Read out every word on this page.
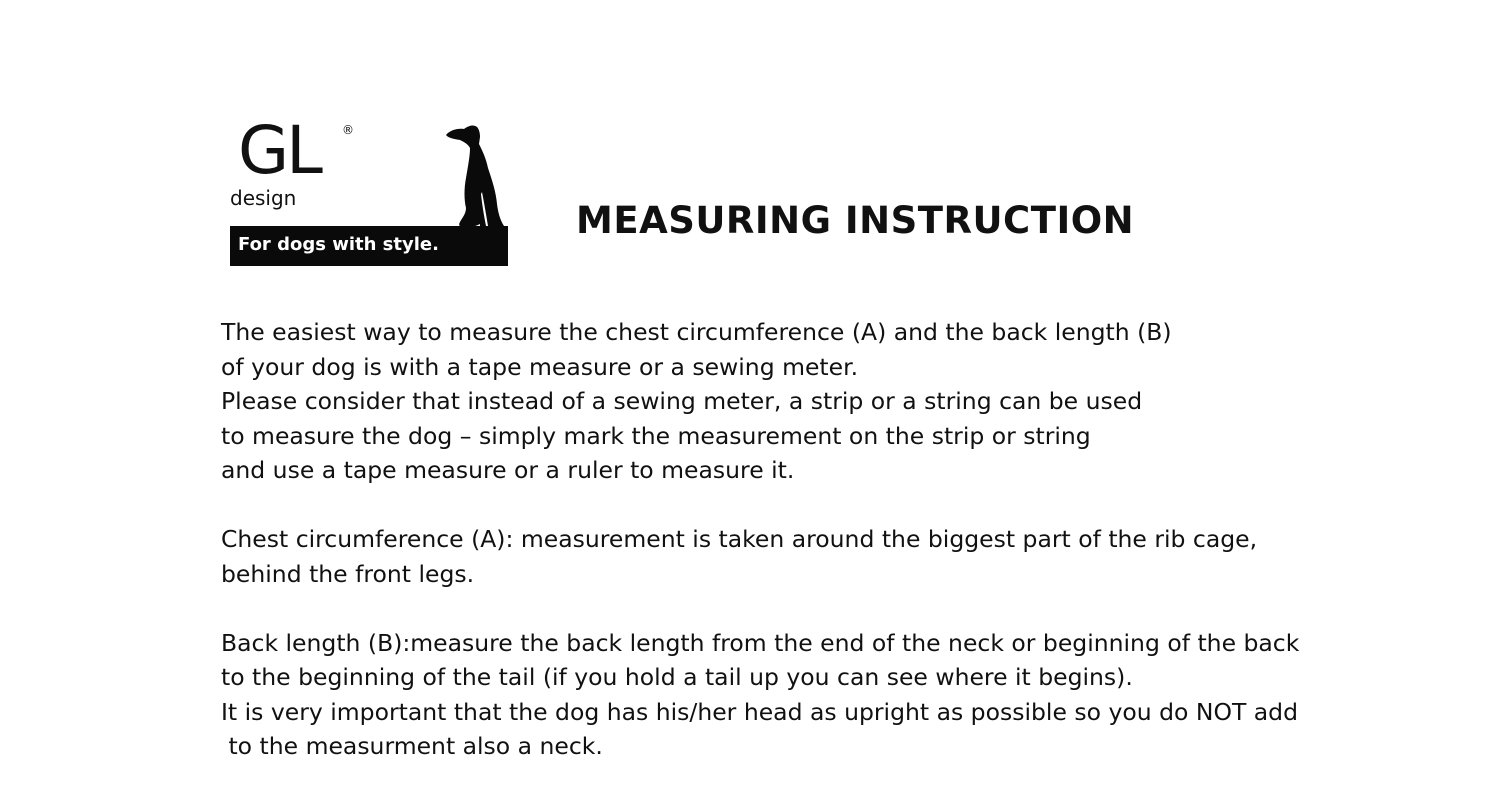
GL ®
design
For dogs with style.
MEASURING INSTRUCTION
The easiest way to measure the chest circumference (A) and the back length (B)
of your dog is with a tape measure or a sewing meter.
Please consider that instead of a sewing meter, a strip or a string can be used
to measure the dog – simply mark the measurement on the strip or string
and use a tape measure or a ruler to measure it.
Chest circumference (A): measurement is taken around the biggest part of the rib cage,
behind the front legs.
Back length (B):measure the back length from the end of the neck or beginning of the back
to the beginning of the tail (if you hold a tail up you can see where it begins).
It is very important that the dog has his/her head as upright as possible so you do NOT add
to the measurment also a neck.
